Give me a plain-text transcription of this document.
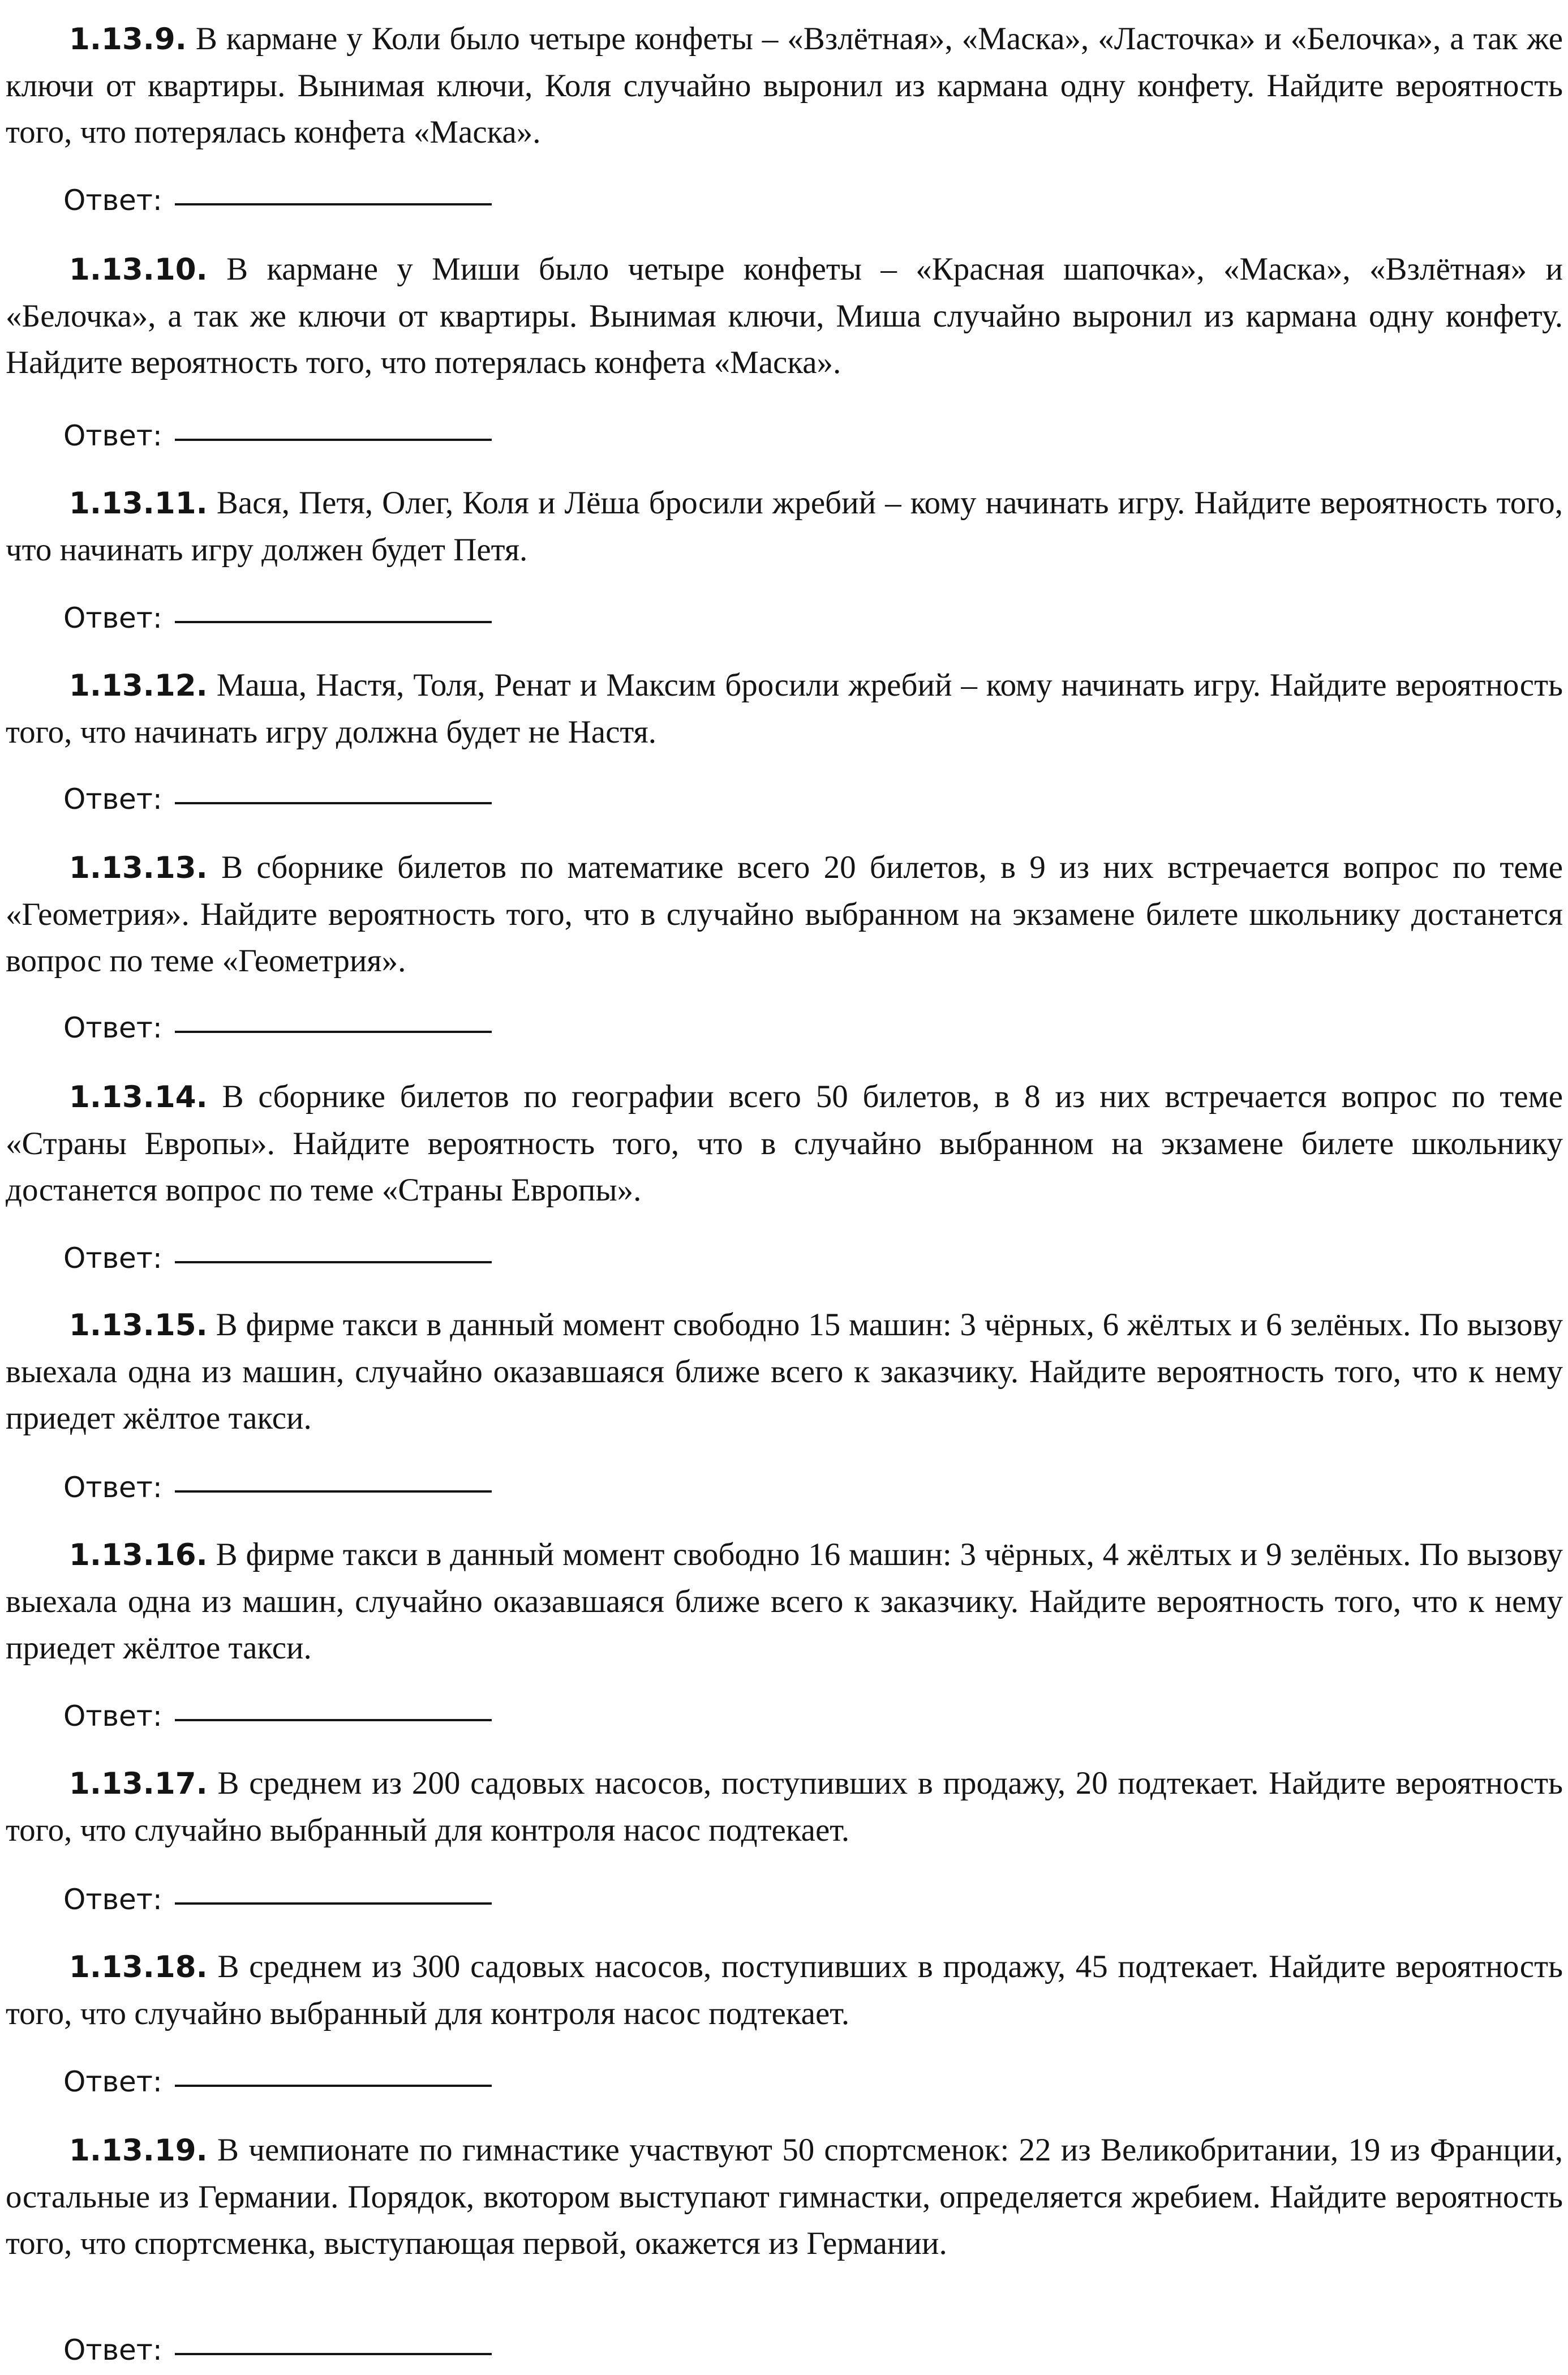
1.13.9. В кармане у Коли было четыре конфеты – «Взлётная», «Маска», «Ласточка» и «Белочка», а так же ключи от квартиры. Вынимая ключи, Коля случайно выронил из кармана одну конфету. Найдите вероятность того, что потерялась конфета «Маска».

Ответ:

1.13.10. В кармане у Миши было четыре конфеты – «Красная шапочка», «Маска», «Взлётная» и «Белочка», а так же ключи от квартиры. Вынимая ключи, Миша случайно выронил из кармана одну конфету. Найдите вероятность того, что потерялась конфета «Маска».

Ответ:

1.13.11. Вася, Петя, Олег, Коля и Лёша бросили жребий – кому начинать игру. Найдите вероятность того, что начинать игру должен будет Петя.

Ответ:

1.13.12. Маша, Настя, Толя, Ренат и Максим бросили жребий – кому начинать игру. Найдите вероятность того, что начинать игру должна будет не Настя.

Ответ:

1.13.13. В сборнике билетов по математике всего 20 билетов, в 9 из них встречается вопрос по теме «Геометрия». Найдите вероятность того, что в случайно выбранном на экзамене билете школьнику достанется вопрос по теме «Геометрия».

Ответ:

1.13.14. В сборнике билетов по географии всего 50 билетов, в 8 из них встречается вопрос по теме «Страны Европы». Найдите вероятность того, что в случайно выбранном на экзамене билете школьнику достанется вопрос по теме «Страны Европы».

Ответ:

1.13.15. В фирме такси в данный момент свободно 15 машин: 3 чёрных, 6 жёлтых и 6 зелёных. По вызову выехала одна из машин, случайно оказавшаяся ближе всего к заказчику. Найдите вероятность того, что к нему приедет жёлтое такси.

Ответ:

1.13.16. В фирме такси в данный момент свободно 16 машин: 3 чёрных, 4 жёлтых и 9 зелёных. По вызову выехала одна из машин, случайно оказавшаяся ближе всего к заказчику. Найдите вероятность того, что к нему приедет жёлтое такси.

Ответ:

1.13.17. В среднем из 200 садовых насосов, поступивших в продажу, 20 подтекает. Найдите вероятность того, что случайно выбранный для контроля насос подтекает.

Ответ:

1.13.18. В среднем из 300 садовых насосов, поступивших в продажу, 45 подтекает. Найдите вероятность того, что случайно выбранный для контроля насос подтекает.

Ответ:

1.13.19. В чемпионате по гимнастике участвуют 50 спортсменок: 22 из Великобритании, 19 из Франции, остальные из Германии. Порядок, вкотором выступают гимнастки, определяется жребием. Найдите вероятность того, что спортсменка, выступающая первой, окажется из Германии.

Ответ:
